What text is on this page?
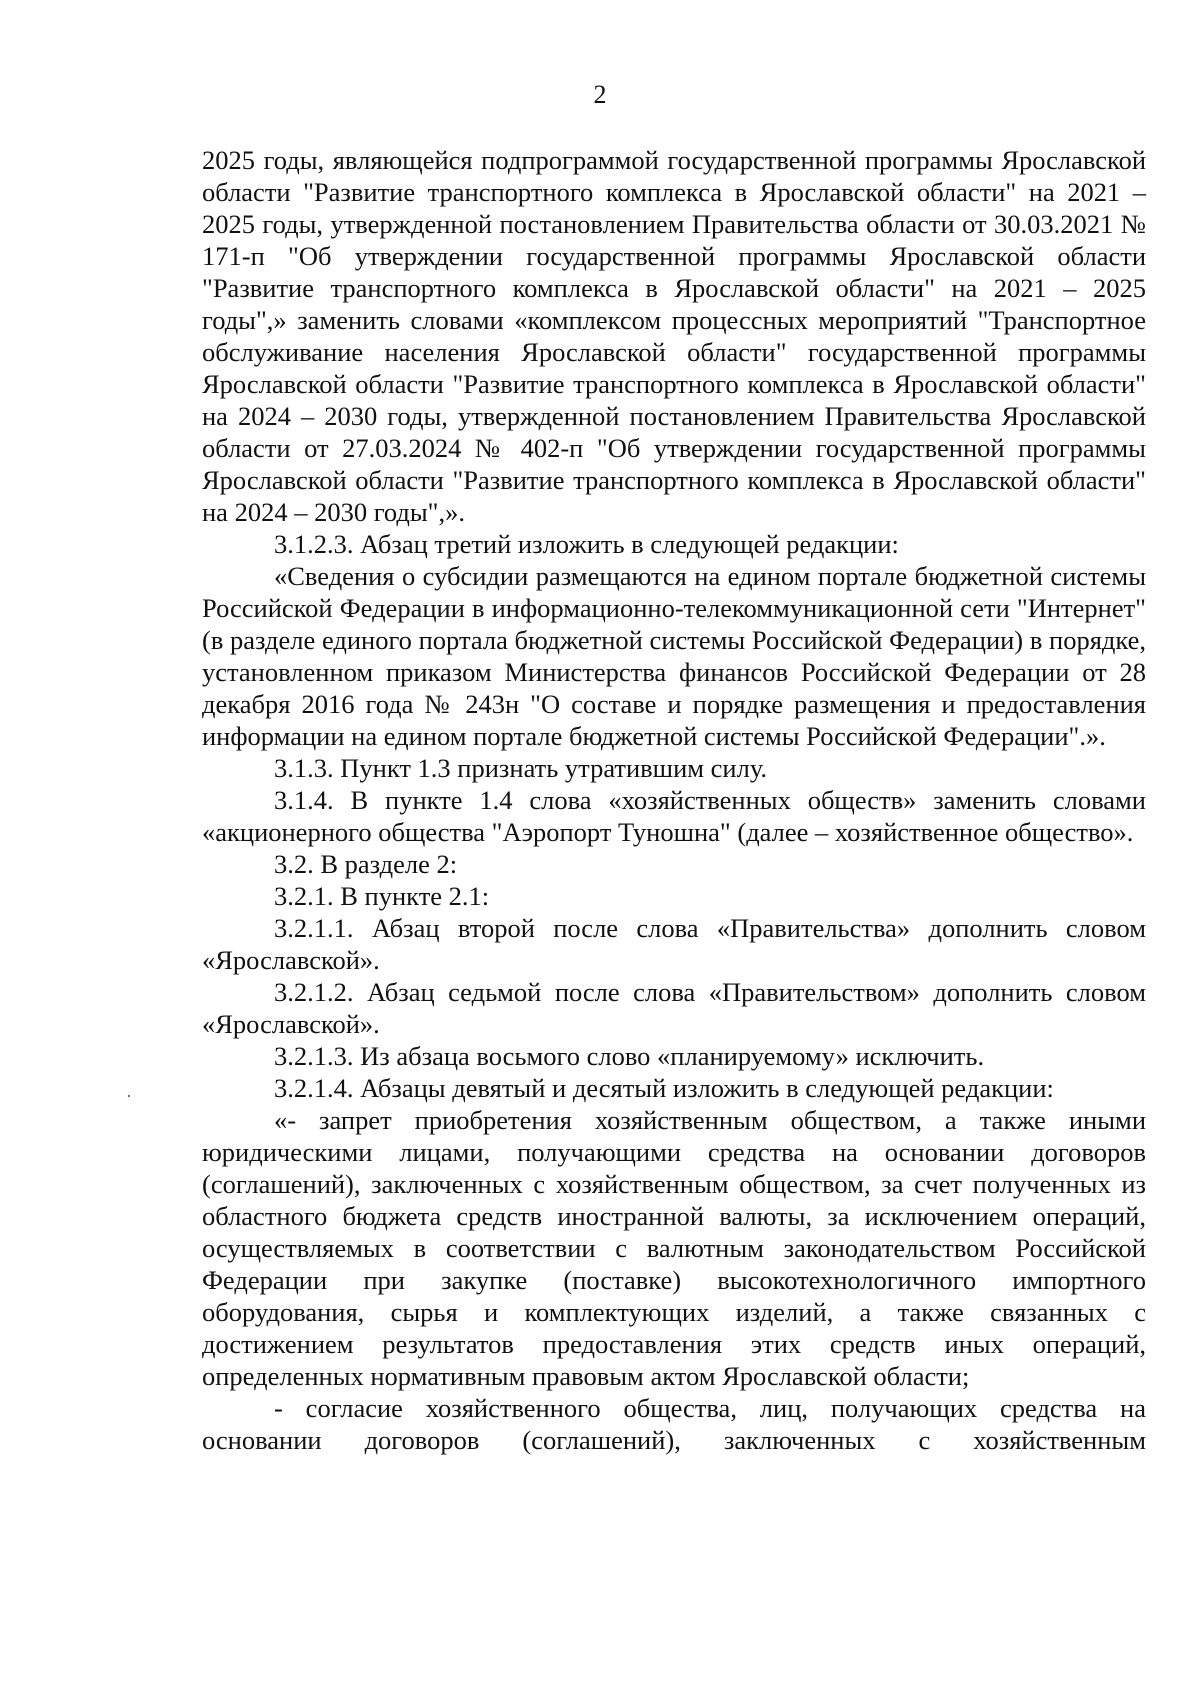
2

2025 годы, являющейся подпрограммой государственной программы Ярославской области "Развитие транспортного комплекса в Ярославской области" на 2021 – 2025 годы, утвержденной постановлением Правительства области от 30.03.2021 № 171-п "Об утверждении государственной программы Ярославской области "Развитие транспортного комплекса в Ярославской области" на 2021 – 2025 годы",» заменить словами «комплексом процессных мероприятий "Транспортное обслуживание населения Ярославской области" государственной программы Ярославской области "Развитие транспортного комплекса в Ярославской области" на 2024 – 2030 годы, утвержденной постановлением Правительства Ярославской области от 27.03.2024 № 402-п "Об утверждении государственной программы Ярославской области "Развитие транспортного комплекса в Ярославской области" на 2024 – 2030 годы",».

3.1.2.3. Абзац третий изложить в следующей редакции:

«Сведения о субсидии размещаются на едином портале бюджетной системы Российской Федерации в информационно-телекоммуникационной сети "Интернет" (в разделе единого портала бюджетной системы Российской Федерации) в порядке, установленном приказом Министерства финансов Российской Федерации от 28 декабря 2016 года № 243н "О составе и порядке размещения и предоставления информации на едином портале бюджетной системы Российской Федерации".».

3.1.3. Пункт 1.3 признать утратившим силу.

3.1.4. В пункте 1.4 слова «хозяйственных обществ» заменить словами «акционерного общества "Аэропорт Туношна" (далее – хозяйственное общество».

3.2. В разделе 2:

3.2.1. В пункте 2.1:

3.2.1.1. Абзац второй после слова «Правительства» дополнить словом «Ярославской».

3.2.1.2. Абзац седьмой после слова «Правительством» дополнить словом «Ярославской».

3.2.1.3. Из абзаца восьмого слово «планируемому» исключить.

3.2.1.4. Абзацы девятый и десятый изложить в следующей редакции:

«- запрет приобретения хозяйственным обществом, а также иными юридическими лицами, получающими средства на основании договоров (соглашений), заключенных с хозяйственным обществом, за счет полученных из областного бюджета средств иностранной валюты, за исключением операций, осуществляемых в соответствии с валютным законодательством Российской Федерации при закупке (поставке) высокотехнологичного импортного оборудования, сырья и комплектующих изделий, а также связанных с достижением результатов предоставления этих средств иных операций, определенных нормативным правовым актом Ярославской области;

- согласие хозяйственного общества, лиц, получающих средства на основании договоров (соглашений), заключенных с хозяйственным
